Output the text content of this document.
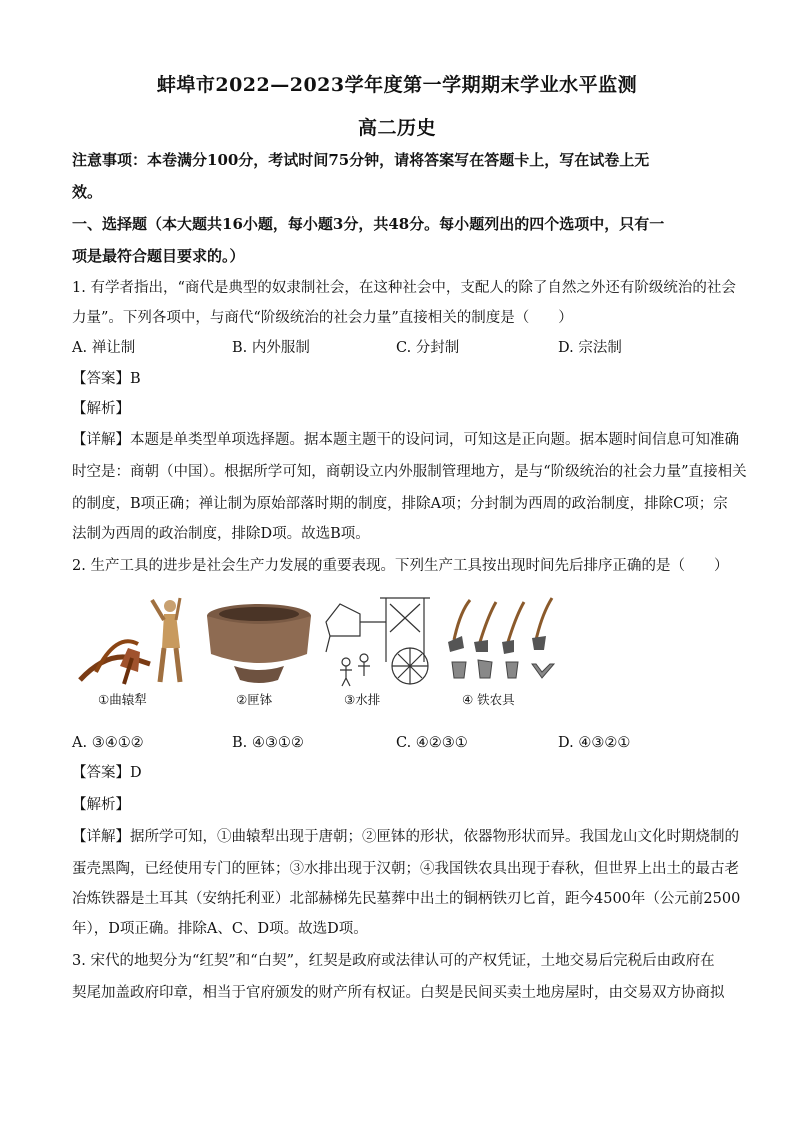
蚌埠市2022—2023学年度第一学期期末学业水平监测
高二历史
注意事项：本卷满分100分，考试时间75分钟，请将答案写在答题卡上，写在试卷上无
效。
一、选择题（本大题共16小题，每小题3分，共48分。每小题列出的四个选项中，只有一
项是最符合题目要求的。）
1. 有学者指出，“商代是典型的奴隶制社会，在这种社会中，支配人的除了自然之外还有阶级统治的社会
力量”。下列各项中，与商代“阶级统治的社会力量”直接相关的制度是（　　）
A. 禅让制	B. 内外服制	C. 分封制	D. 宗法制
【答案】B
【解析】
【详解】本题是单类型单项选择题。据本题主题干的设问词，可知这是正向题。据本题时间信息可知准确
时空是：商朝（中国）。根据所学可知，商朝设立内外服制管理地方，是与“阶级统治的社会力量”直接相关
的制度，B项正确；禅让制为原始部落时期的制度，排除A项；分封制为西周的政治制度，排除C项；宗
法制为西周的政治制度，排除D项。故选B项。
2. 生产工具的进步是社会生产力发展的重要表现。下列生产工具按出现时间先后排序正确的是（　　）
①曲辕犁	②匣钵	③水排	④ 铁农具
A. ③④①②	B. ④③①②	C. ④②③①	D. ④③②①
【答案】D
【解析】
【详解】据所学可知，①曲辕犁出现于唐朝；②匣钵的形状，依器物形状而异。我国龙山文化时期烧制的
蛋壳黑陶，已经使用专门的匣钵；③水排出现于汉朝；④我国铁农具出现于春秋，但世界上出土的最古老
冶炼铁器是土耳其（安纳托利亚）北部赫梯先民墓葬中出土的铜柄铁刃匕首，距今4500年（公元前2500
年），D项正确。排除A、C、D项。故选D项。
3. 宋代的地契分为“红契”和“白契”，红契是政府或法律认可的产权凭证，土地交易后完税后由政府在
契尾加盖政府印章，相当于官府颁发的财产所有权证。白契是民间买卖土地房屋时，由交易双方协商拟
